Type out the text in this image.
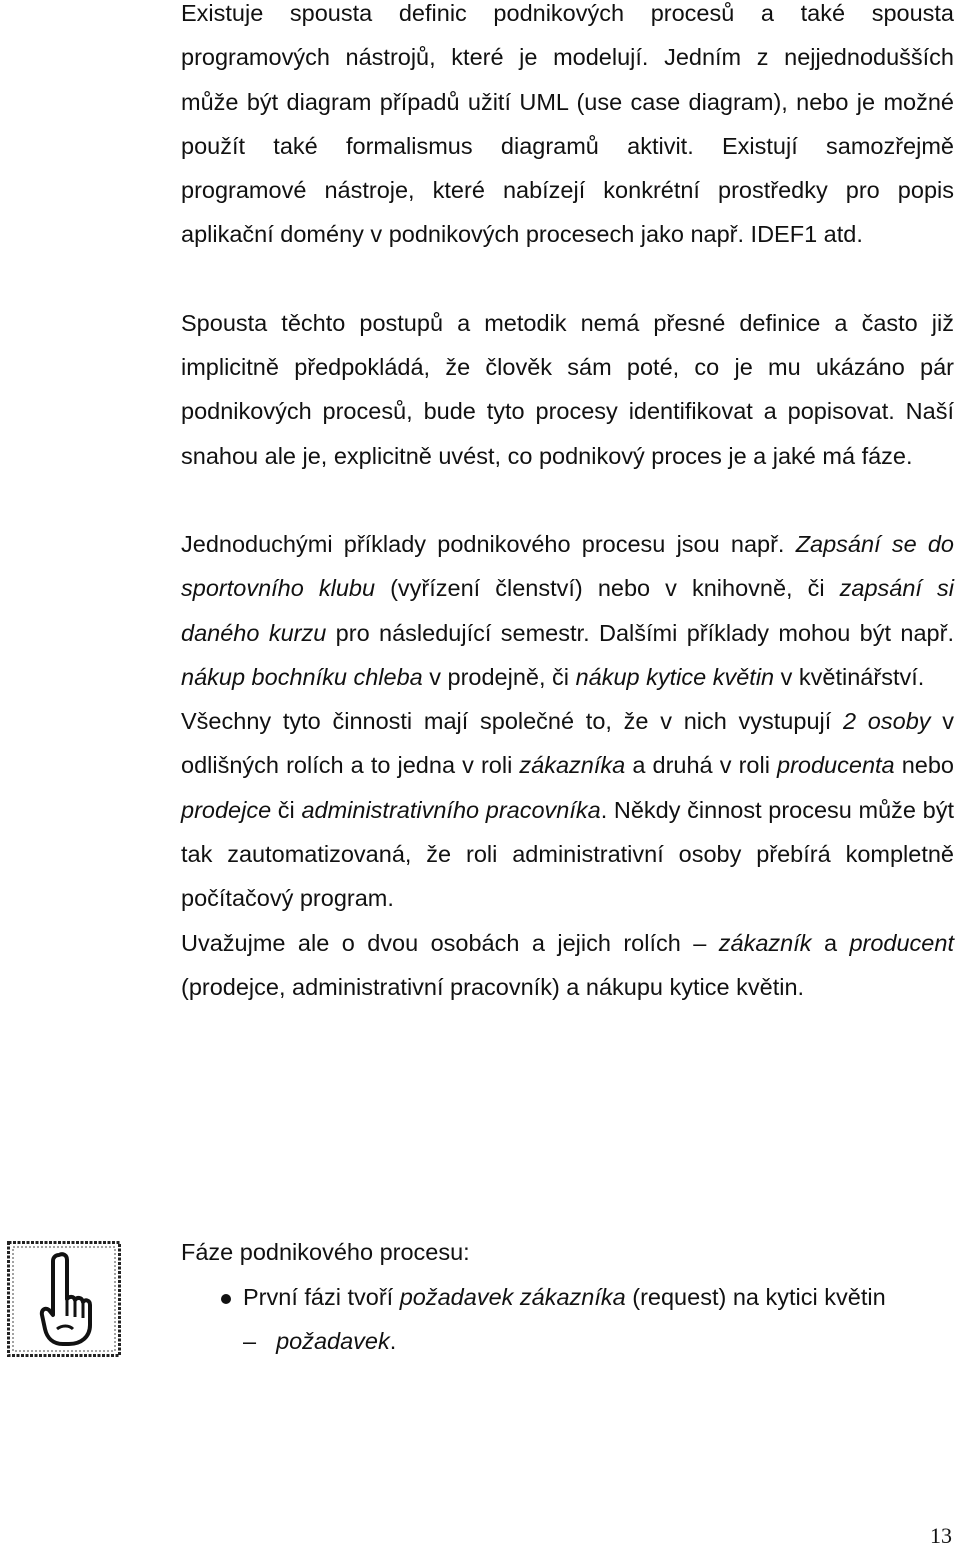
Existuje spousta definic podnikových procesů a také spousta programových nástrojů, které je modelují. Jedním z nejjednodušších může být diagram případů užití UML (use case diagram), nebo je možné použít také formalismus diagramů aktivit. Existují samozřejmě programové nástroje, které nabízejí konkrétní prostředky pro popis aplikační domény v podnikových procesech jako např. IDEF1 atd.

Spousta těchto postupů a metodik nemá přesné definice a často již implicitně předpokládá, že člověk sám poté, co je mu ukázáno pár podnikových procesů, bude tyto procesy identifikovat a popisovat. Naší snahou ale je, explicitně uvést, co podnikový proces je a jaké má fáze.

Jednoduchými příklady podnikového procesu jsou např. Zapsání se do sportovního klubu (vyřízení členství) nebo v knihovně, či zapsání si daného kurzu pro následující semestr. Dalšími příklady mohou být např. nákup bochníku chleba v prodejně, či nákup kytice květin v květinářství.

Všechny tyto činnosti mají společné to, že v nich vystupují 2 osoby v odlišných rolích a to jedna v roli zákazníka a druhá v roli producenta nebo prodejce či administrativního pracovníka. Někdy činnost procesu může být tak zautomatizovaná, že roli administrativní osoby přebírá kompletně počítačový program.

Uvažujme ale o dvou osobách a jejich rolích – zákazník a producent (prodejce, administrativní pracovník) a nákupu kytice květin.

Fáze podnikového procesu:

První fázi tvoří požadavek zákazníka (request) na kytici květin
– požadavek.
13
